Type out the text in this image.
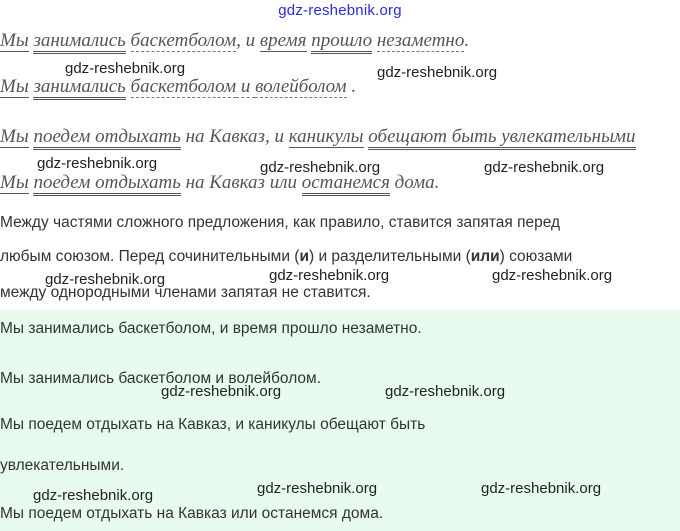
gdz-reshebnik.org
Мы занимались баскетболом, и время прошло незаметно.
Мы занимались баскетболом и волейболом .
Мы поедем отдыхать на Кавказ, и каникулы обещают быть увлекательными
Мы поедем отдыхать на Кавказ или останемся дома.
Между частями сложного предложения, как правило, ставится запятая перед
любым союзом. Перед сочинительными (и) и разделительными (или) союзами
между однородными членами запятая не ставится.
Мы занимались баскетболом, и время прошло незаметно.
Мы занимались баскетболом и волейболом.
Мы поедем отдыхать на Кавказ, и каникулы обещают быть
увлекательными.
Мы поедем отдыхать на Кавказ или останемся дома.
gdz-reshebnik.org	gdz-reshebnik.org
gdz-reshebnik.org	gdz-reshebnik.org	gdz-reshebnik.org
gdz-reshebnik.org	gdz-reshebnik.org	gdz-reshebnik.org
gdz-reshebnik.org	gdz-reshebnik.org
gdz-reshebnik.org	gdz-reshebnik.org	gdz-reshebnik.org
